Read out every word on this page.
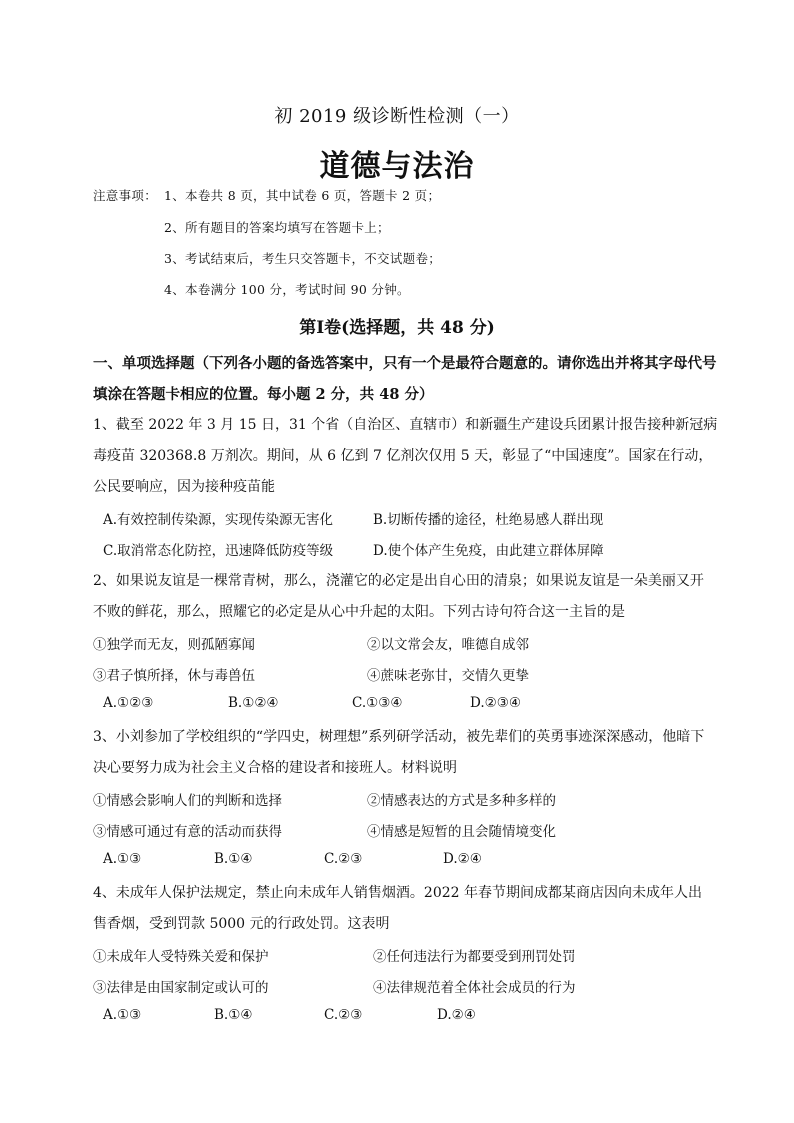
初 2019 级诊断性检测（一）
道德与法治
注意事项： 1、本卷共 8 页，其中试卷 6 页，答题卡 2 页；
2、所有题目的答案均填写在答题卡上；
3、考试结束后，考生只交答题卡，不交试题卷；
4、本卷满分 100 分，考试时间 90 分钟。
第Ⅰ卷(选择题，共 48 分)
一、单项选择题（下列各小题的备选答案中，只有一个是最符合题意的。请你选出并将其字母代号
填涂在答题卡相应的位置。每小题 2 分，共 48 分）
1、截至 2022 年 3 月 15 日，31 个省（自治区、直辖市）和新疆生产建设兵团累计报告接种新冠病
毒疫苗 320368.8 万剂次。期间，从 6 亿到 7 亿剂次仅用 5 天，彰显了“中国速度”。国家在行动，
公民要响应，因为接种疫苗能
A.有效控制传染源，实现传染源无害化	B.切断传播的途径，杜绝易感人群出现
C.取消常态化防控，迅速降低防疫等级	D.使个体产生免疫，由此建立群体屏障
2、如果说友谊是一棵常青树，那么，浇灌它的必定是出自心田的清泉；如果说友谊是一朵美丽又开
不败的鲜花，那么，照耀它的必定是从心中升起的太阳。下列古诗句符合这一主旨的是
①独学而无友，则孤陋寡闻	②以文常会友，唯德自成邻
③君子慎所择，休与毒兽伍	④蔗味老弥甘，交情久更挚
A.①②③	B.①②④	C.①③④	D.②③④
3、小刘参加了学校组织的“学四史，树理想”系列研学活动，被先辈们的英勇事迹深深感动，他暗下
决心要努力成为社会主义合格的建设者和接班人。材料说明
①情感会影响人们的判断和选择	②情感表达的方式是多种多样的
③情感可通过有意的活动而获得	④情感是短暂的且会随情境变化
A.①③	B.①④	C.②③	D.②④
4、未成年人保护法规定，禁止向未成年人销售烟酒。2022 年春节期间成都某商店因向未成年人出
售香烟，受到罚款 5000 元的行政处罚。这表明
①未成年人受特殊关爱和保护	②任何违法行为都要受到刑罚处罚
③法律是由国家制定或认可的	④法律规范着全体社会成员的行为
A.①③	B.①④	C.②③	D.②④
